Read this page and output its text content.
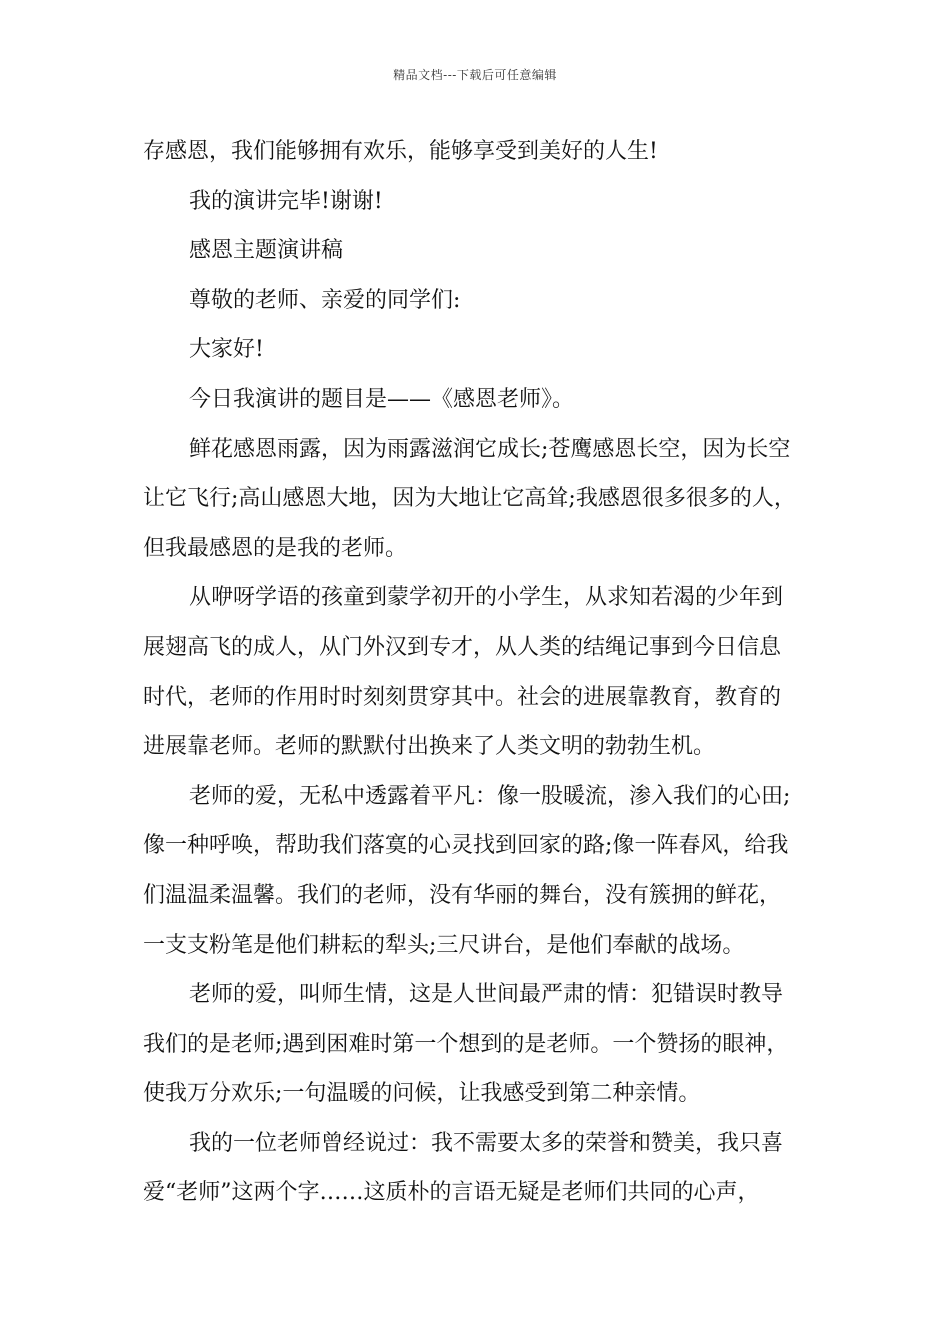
精品文档---下载后可任意编辑
存感恩，我们能够拥有欢乐，能够享受到美好的人生!
我的演讲完毕!谢谢!
感恩主题演讲稿
尊敬的老师、亲爱的同学们:
大家好!
今日我演讲的题目是——《感恩老师》。
鲜花感恩雨露，因为雨露滋润它成长;苍鹰感恩长空，因为长空
让它飞行;高山感恩大地，因为大地让它高耸;我感恩很多很多的人，
但我最感恩的是我的老师。
从咿呀学语的孩童到蒙学初开的小学生，从求知若渴的少年到
展翅高飞的成人，从门外汉到专才，从人类的结绳记事到今日信息
时代，老师的作用时时刻刻贯穿其中。社会的进展靠教育，教育的
进展靠老师。老师的默默付出换来了人类文明的勃勃生机。
老师的爱，无私中透露着平凡：像一股暖流，渗入我们的心田;
像一种呼唤，帮助我们落寞的心灵找到回家的路;像一阵春风，给我
们温温柔温馨。我们的老师，没有华丽的舞台，没有簇拥的鲜花，
一支支粉笔是他们耕耘的犁头;三尺讲台，是他们奉献的战场。
老师的爱，叫师生情，这是人世间最严肃的情：犯错误时教导
我们的是老师;遇到困难时第一个想到的是老师。一个赞扬的眼神，
使我万分欢乐;一句温暖的问候，让我感受到第二种亲情。
我的一位老师曾经说过：我不需要太多的荣誉和赞美，我只喜
爱“老师”这两个字……这质朴的言语无疑是老师们共同的心声，
